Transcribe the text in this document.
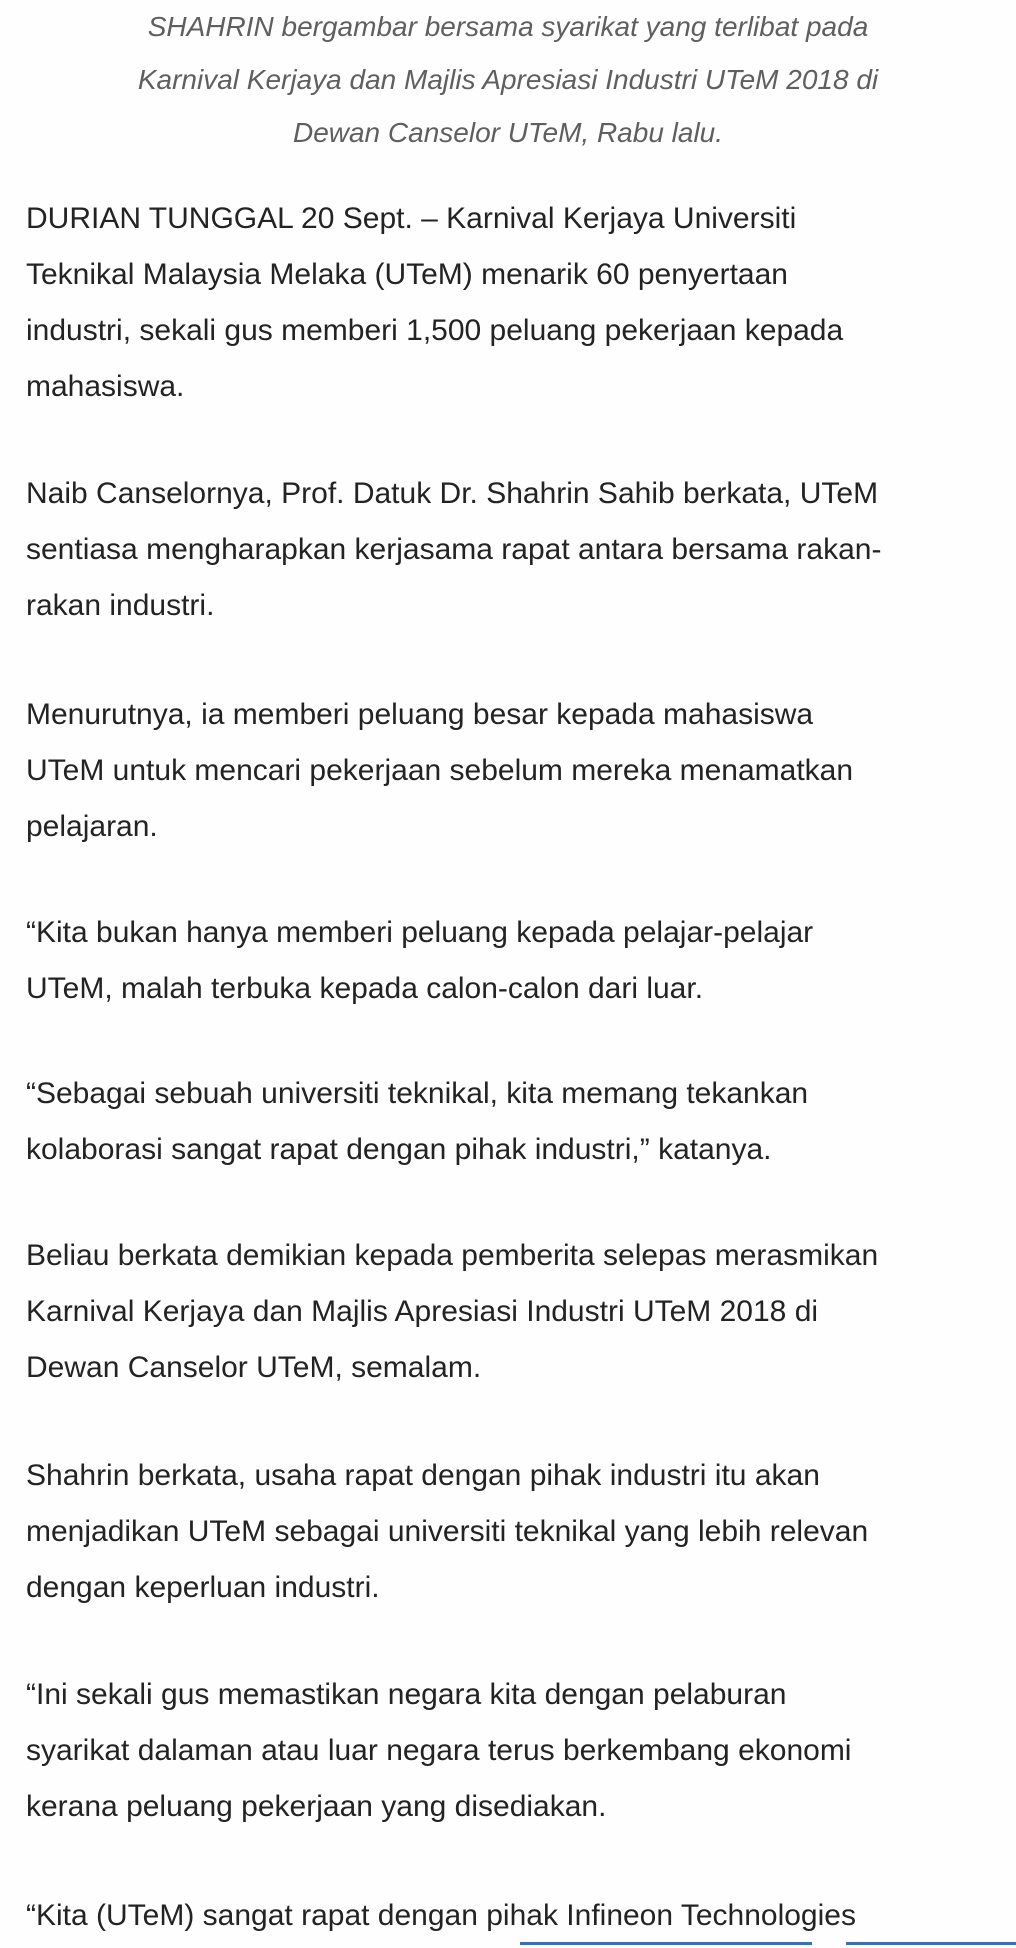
SHAHRIN bergambar bersama syarikat yang terlibat pada
Karnival Kerjaya dan Majlis Apresiasi Industri UTeM 2018 di
Dewan Canselor UTeM, Rabu lalu.

DURIAN TUNGGAL 20 Sept. – Karnival Kerjaya Universiti
Teknikal Malaysia Melaka (UTeM) menarik 60 penyertaan
industri, sekali gus memberi 1,500 peluang pekerjaan kepada
mahasiswa.

Naib Canselornya, Prof. Datuk Dr. Shahrin Sahib berkata, UTeM
sentiasa mengharapkan kerjasama rapat antara bersama rakan-
rakan industri.

Menurutnya, ia memberi peluang besar kepada mahasiswa
UTeM untuk mencari pekerjaan sebelum mereka menamatkan
pelajaran.

“Kita bukan hanya memberi peluang kepada pelajar-pelajar
UTeM, malah terbuka kepada calon-calon dari luar.

“Sebagai sebuah universiti teknikal, kita memang tekankan
kolaborasi sangat rapat dengan pihak industri,” katanya.

Beliau berkata demikian kepada pemberita selepas merasmikan
Karnival Kerjaya dan Majlis Apresiasi Industri UTeM 2018 di
Dewan Canselor UTeM, semalam.

Shahrin berkata, usaha rapat dengan pihak industri itu akan
menjadikan UTeM sebagai universiti teknikal yang lebih relevan
dengan keperluan industri.

“Ini sekali gus memastikan negara kita dengan pelaburan
syarikat dalaman atau luar negara terus berkembang ekonomi
kerana peluang pekerjaan yang disediakan.

“Kita (UTeM) sangat rapat dengan pihak Infineon Technologies
